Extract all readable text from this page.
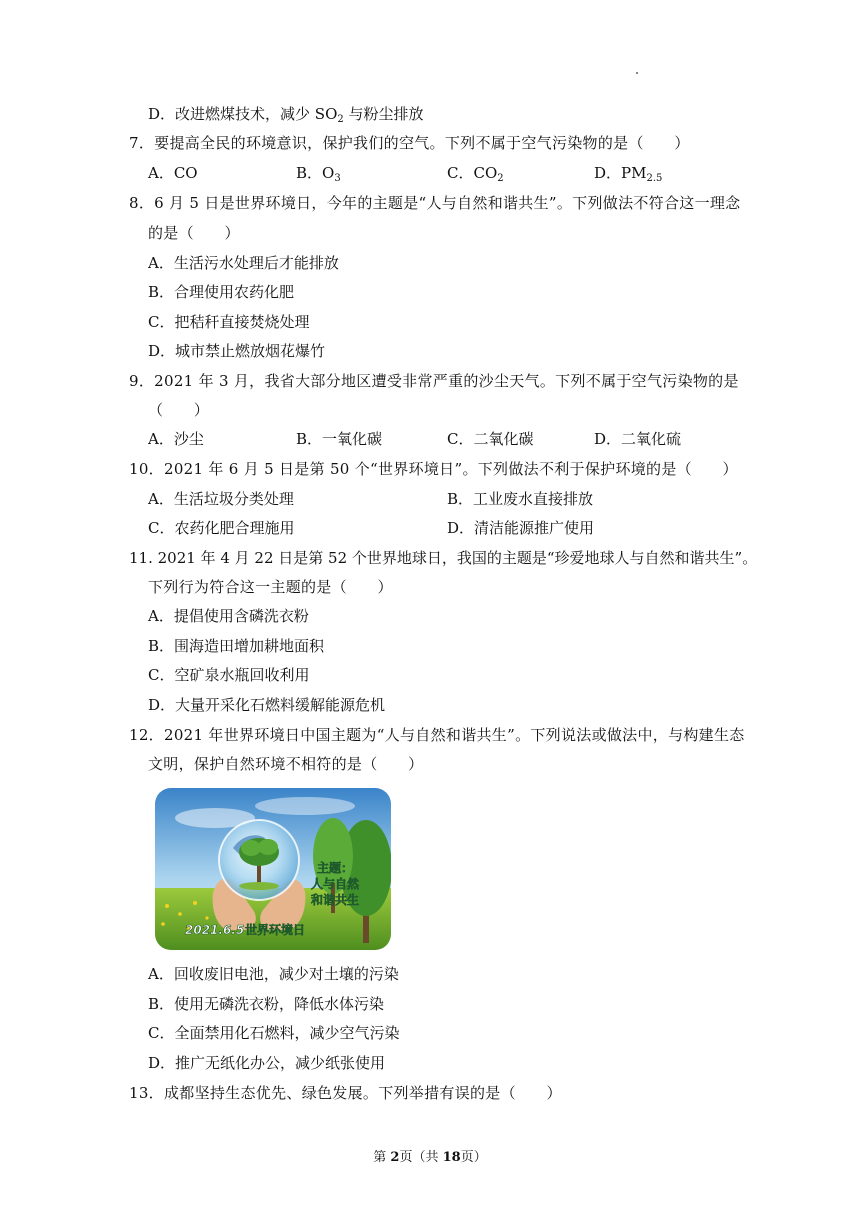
D．改进燃煤技术，减少 $SO_2$ 与粉尘排放
7．要提高全民的环境意识，保护我们的空气。下列不属于空气污染物的是（　　）
A．CO	B．$O_3$	C．$CO_2$	D．$PM_{2.5}$
8．6 月 5 日是世界环境日，今年的主题是“人与自然和谐共生”。下列做法不符合这一理念
的是（　　）
A．生活污水处理后才能排放
B．合理使用农药化肥
C．把秸秆直接焚烧处理
D．城市禁止燃放烟花爆竹
9．2021 年 3 月，我省大部分地区遭受非常严重的沙尘天气。下列不属于空气污染物的是
（　　）
A．沙尘	B．一氧化碳	C．二氧化碳	D．二氧化硫
10．2021 年 6 月 5 日是第 50 个“世界环境日”。下列做法不利于保护环境的是（　　）
A．生活垃圾分类处理	B．工业废水直接排放
C．农药化肥合理施用	D．清洁能源推广使用
11. 2021 年 4 月 22 日是第 52 个世界地球日，我国的主题是“珍爱地球人与自然和谐共生”。
下列行为符合这一主题的是（　　）
A．提倡使用含磷洗衣粉
B．围海造田增加耕地面积
C．空矿泉水瓶回收利用
D．大量开采化石燃料缓解能源危机
12．2021 年世界环境日中国主题为“人与自然和谐共生”。下列说法或做法中，与构建生态
文明，保护自然环境不相符的是（　　）
2021.6.5 世界环境日
主题：
人与自然
和谐共生
A．回收废旧电池，减少对土壤的污染
B．使用无磷洗衣粉，降低水体污染
C．全面禁用化石燃料，减少空气污染
D．推广无纸化办公，减少纸张使用
13．成都坚持生态优先、绿色发展。下列举措有误的是（　　）
第 2页（共 18页）
